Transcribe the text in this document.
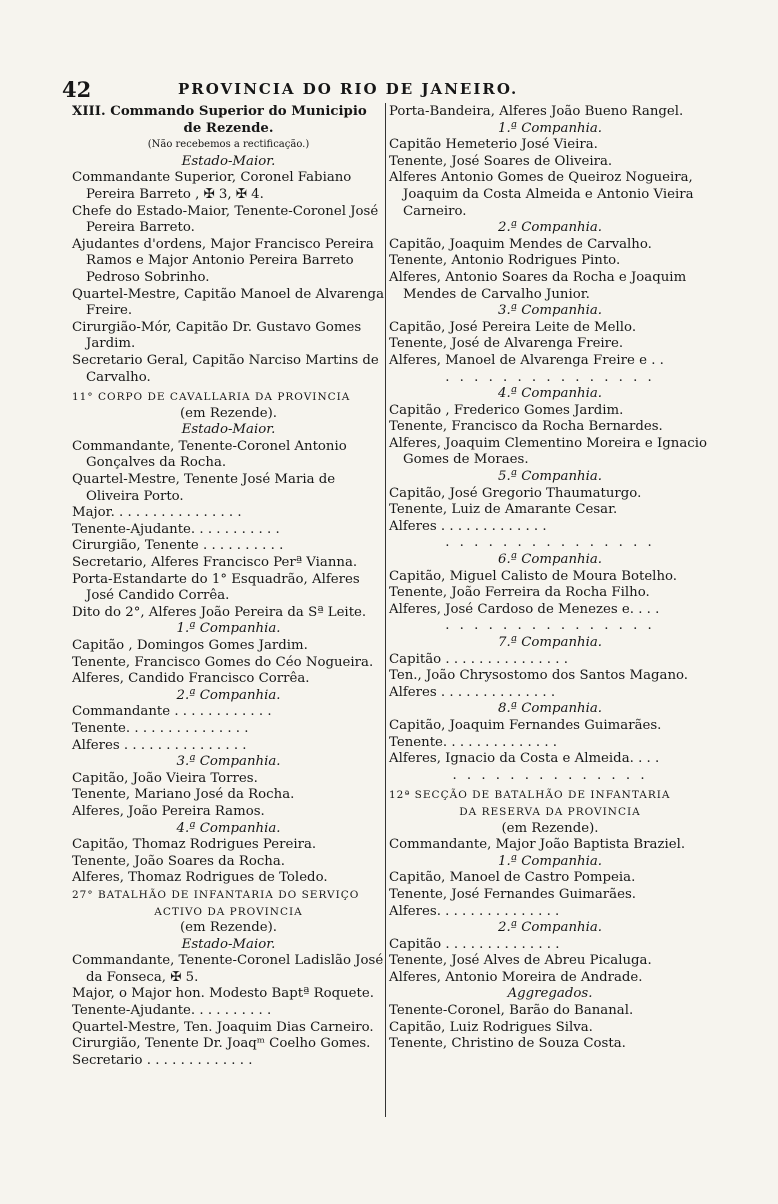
42	PROVINCIA DO RIO DE JANEIRO.
XIII. Commando Superior do Municipio
de Rezende.
(Não recebemos a rectificação.)
Estado-Maior.
Commandante Superior, Coronel Fabiano Pereira Barreto , ✠ 3, ✠ 4.
Chefe do Estado-Maior, Tenente-Coronel José Pereira Barreto.
Ajudantes d'ordens, Major Francisco Pereira Ramos e Major Antonio Pereira Barreto Pedroso Sobrinho.
Quartel-Mestre, Capitão Manoel de Alvarenga Freire.
Cirurgião-Mór, Capitão Dr. Gustavo Gomes Jardim.
Secretario Geral, Capitão Narciso Martins de Carvalho.
11° CORPO DE CAVALLARIA DA PROVINCIA
(em Rezende).
Estado-Maior.
Commandante, Tenente-Coronel Antonio Gonçalves da Rocha.
Quartel-Mestre, Tenente José Maria de Oliveira Porto.
Major. . . . . . . . . . . . . . . .
Tenente-Ajudante. . . . . . . . . . .
Cirurgião, Tenente . . . . . . . . . .
Secretario, Alferes Francisco Perª Vianna.
Porta-Estandarte do 1° Esquadrão, Alferes José Candido Corrêa.
Dito do 2°, Alferes João Pereira da Sª Leite.
1.ª Companhia.
Capitão , Domingos Gomes Jardim.
Tenente, Francisco Gomes do Céo Nogueira.
Alferes, Candido Francisco Corrêa.
2.ª Companhia.
Commandante . . . . . . . . . . . .
Tenente. . . . . . . . . . . . . . .
Alferes . . . . . . . . . . . . . . .
3.ª Companhia.
Capitão, João Vieira Torres.
Tenente, Mariano José da Rocha.
Alferes, João Pereira Ramos.
4.ª Companhia.
Capitão, Thomaz Rodrigues Pereira.
Tenente, João Soares da Rocha.
Alferes, Thomaz Rodrigues de Toledo.
27° BATALHÃO DE INFANTARIA DO SERVIÇO
ACTIVO DA PROVINCIA
(em Rezende).
Estado-Maior.
Commandante, Tenente-Coronel Ladislão José da Fonseca, ✠ 5.
Major, o Major hon. Modesto Baptª Roquete.
Tenente-Ajudante. . . . . . . . . .
Quartel-Mestre, Ten. Joaquim Dias Carneiro.
Cirurgião, Tenente Dr. Joaqᵐ Coelho Gomes.
Secretario . . . . . . . . . . . . .
Porta-Bandeira, Alferes João Bueno Rangel.
1.ª Companhia.
Capitão Hemeterio José Vieira.
Tenente, José Soares de Oliveira.
Alferes Antonio Gomes de Queiroz Nogueira, Joaquim da Costa Almeida e Antonio Vieira Carneiro.
2.ª Companhia.
Capitão, Joaquim Mendes de Carvalho.
Tenente, Antonio Rodrigues Pinto.
Alferes, Antonio Soares da Rocha e Joaquim Mendes de Carvalho Junior.
3.ª Companhia.
Capitão, José Pereira Leite de Mello.
Tenente, José de Alvarenga Freire.
Alferes, Manoel de Alvarenga Freire e . .
. . . . . . . . . . . . . . .
4.ª Companhia.
Capitão , Frederico Gomes Jardim.
Tenente, Francisco da Rocha Bernardes.
Alferes, Joaquim Clementino Moreira e Ignacio Gomes de Moraes.
5.ª Companhia.
Capitão, José Gregorio Thaumaturgo.
Tenente, Luiz de Amarante Cesar.
Alferes . . . . . . . . . . . . .
. . . . . . . . . . . . . . .
6.ª Companhia.
Capitão, Miguel Calisto de Moura Botelho.
Tenente, João Ferreira da Rocha Filho.
Alferes, José Cardoso de Menezes e. . . .
. . . . . . . . . . . . . . .
7.ª Companhia.
Capitão . . . . . . . . . . . . . . .
Ten., João Chrysostomo dos Santos Magano.
Alferes . . . . . . . . . . . . . .
8.ª Companhia.
Capitão, Joaquim Fernandes Guimarães.
Tenente. . . . . . . . . . . . . .
Alferes, Ignacio da Costa e Almeida. . . .
. . . . . . . . . . . . . .
12ª SECÇÃO DE BATALHÃO DE INFANTARIA
DA RESERVA DA PROVINCIA
(em Rezende).
Commandante, Major João Baptista Braziel.
1.ª Companhia.
Capitão, Manoel de Castro Pompeia.
Tenente, José Fernandes Guimarães.
Alferes. . . . . . . . . . . . . . .
2.ª Companhia.
Capitão . . . . . . . . . . . . . .
Tenente, José Alves de Abreu Picaluga.
Alferes, Antonio Moreira de Andrade.
Aggregados.
Tenente-Coronel, Barão do Bananal.
Capitão, Luiz Rodrigues Silva.
Tenente, Christino de Souza Costa.
